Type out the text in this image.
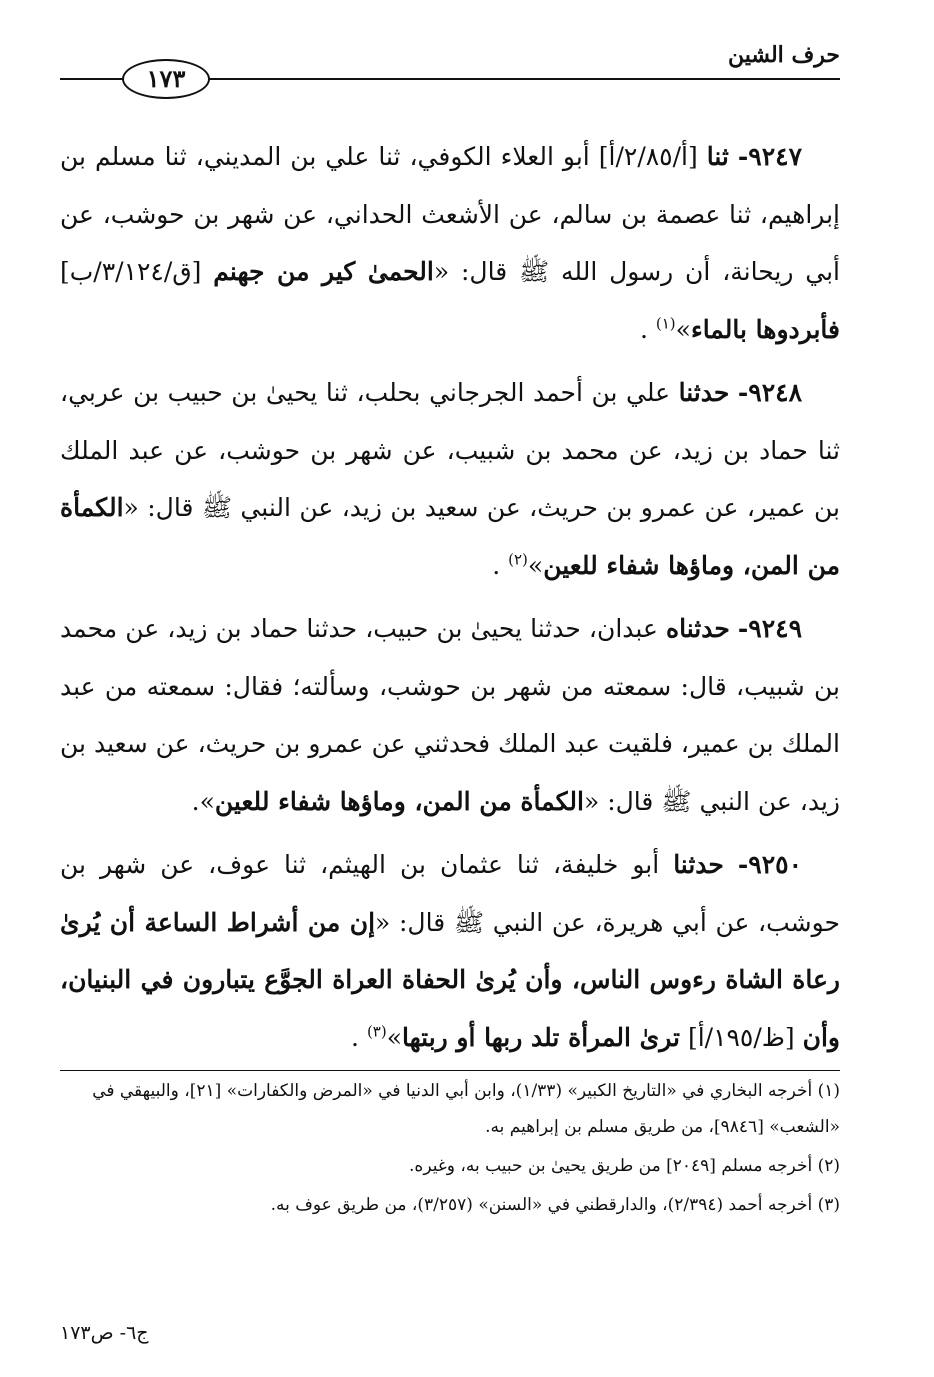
حرف الشين
١٧٣

٩٢٤٧- ثنا [أ/٢/٨٥/أ] أبو العلاء الكوفي، ثنا علي بن المديني، ثنا مسلم بن إبراهيم، ثنا عصمة بن سالم، عن الأشعث الحداني، عن شهر بن حوشب، عن أبي ريحانة، أن رسول الله ﷺ قال: «الحمىٰ كير من جهنم [ق/٣/١٢٤/ب] فأبردوها بالماء»$^{(١)}$ .

٩٢٤٨- حدثنا علي بن أحمد الجرجاني بحلب، ثنا يحيىٰ بن حبيب بن عربي، ثنا حماد بن زيد، عن محمد بن شبيب، عن شهر بن حوشب، عن عبد الملك بن عمير، عن عمرو بن حريث، عن سعيد بن زيد، عن النبي ﷺ قال: «الكمأة من المن، وماؤها شفاء للعين»$^{(٢)}$ .

٩٢٤٩- حدثناه عبدان، حدثنا يحيىٰ بن حبيب، حدثنا حماد بن زيد، عن محمد بن شبيب، قال: سمعته من شهر بن حوشب، وسألته؛ فقال: سمعته من عبد الملك بن عمير، فلقيت عبد الملك فحدثني عن عمرو بن حريث، عن سعيد بن زيد، عن النبي ﷺ قال: «الكمأة من المن، وماؤها شفاء للعين».

٩٢٥٠- حدثنا أبو خليفة، ثنا عثمان بن الهيثم، ثنا عوف، عن شهر بن حوشب، عن أبي هريرة، عن النبي ﷺ قال: «إن من أشراط الساعة أن يُرىٰ رعاة الشاة رءوس الناس، وأن يُرىٰ الحفاة العراة الجوَّع يتبارون في البنيان، وأن [ظ/١٩٥/أ] ترىٰ المرأة تلد ربها أو ربتها»$^{(٣)}$ .

(١) أخرجه البخاري في «التاريخ الكبير» (١/٣٣)، وابن أبي الدنيا في «المرض والكفارات» [٢١]، والبيهقي في «الشعب» [٩٨٤٦]، من طريق مسلم بن إبراهيم به.

(٢) أخرجه مسلم [٢٠٤٩] من طريق يحيىٰ بن حبيب به، وغيره.

(٣) أخرجه أحمد (٢/٣٩٤)، والدارقطني في «السنن» (٣/٢٥٧)، من طريق عوف به.

ج٦- ص١٧٣
